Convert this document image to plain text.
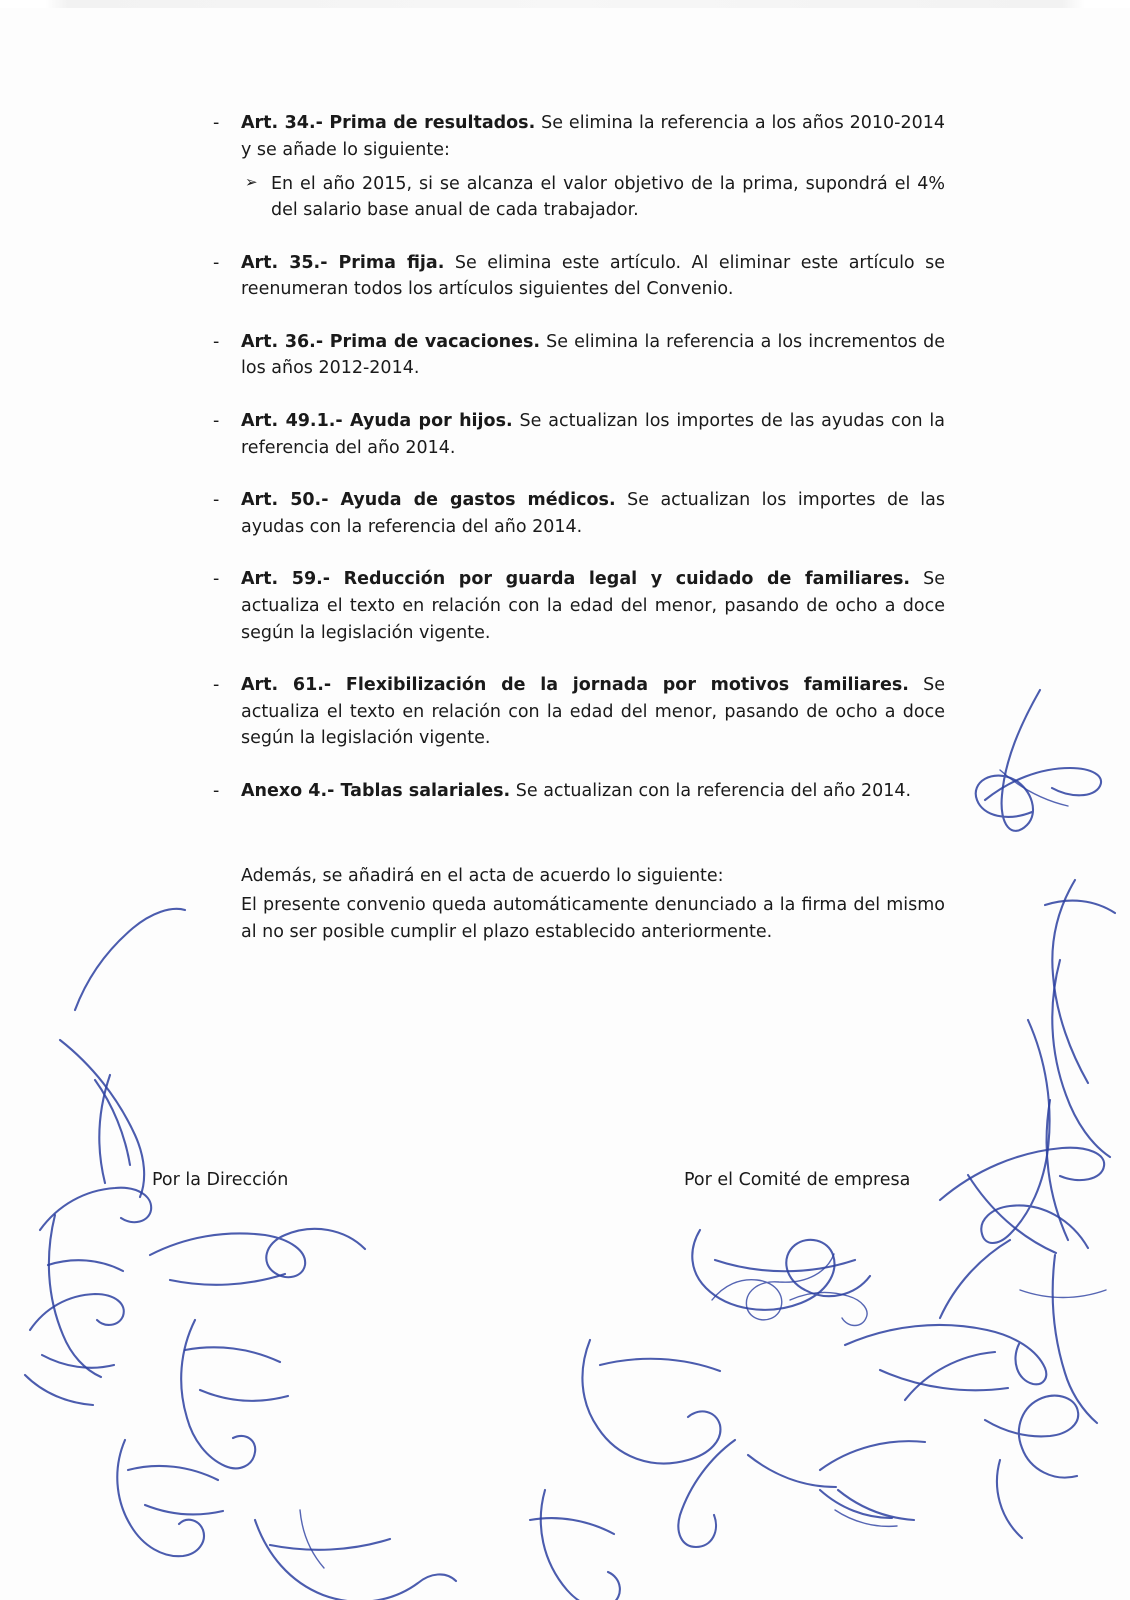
- Art. 34.- Prima de resultados. Se elimina la referencia a los años 2010-2014 y se añade lo siguiente:
➢ En el año 2015, si se alcanza el valor objetivo de la prima, supondrá el 4% del salario base anual de cada trabajador.
- Art. 35.- Prima fija. Se elimina este artículo. Al eliminar este artículo se reenumeran todos los artículos siguientes del Convenio.
- Art. 36.- Prima de vacaciones. Se elimina la referencia a los incrementos de los años 2012-2014.
- Art. 49.1.- Ayuda por hijos. Se actualizan los importes de las ayudas con la referencia del año 2014.
- Art. 50.- Ayuda de gastos médicos. Se actualizan los importes de las ayudas con la referencia del año 2014.
- Art. 59.- Reducción por guarda legal y cuidado de familiares. Se actualiza el texto en relación con la edad del menor, pasando de ocho a doce según la legislación vigente.
- Art. 61.- Flexibilización de la jornada por motivos familiares. Se actualiza el texto en relación con la edad del menor, pasando de ocho a doce según la legislación vigente.
- Anexo 4.- Tablas salariales. Se actualizan con la referencia del año 2014.

Además, se añadirá en el acta de acuerdo lo siguiente:

El presente convenio queda automáticamente denunciado a la firma del mismo al no ser posible cumplir el plazo establecido anteriormente.

Por la Dirección	Por el Comité de empresa
